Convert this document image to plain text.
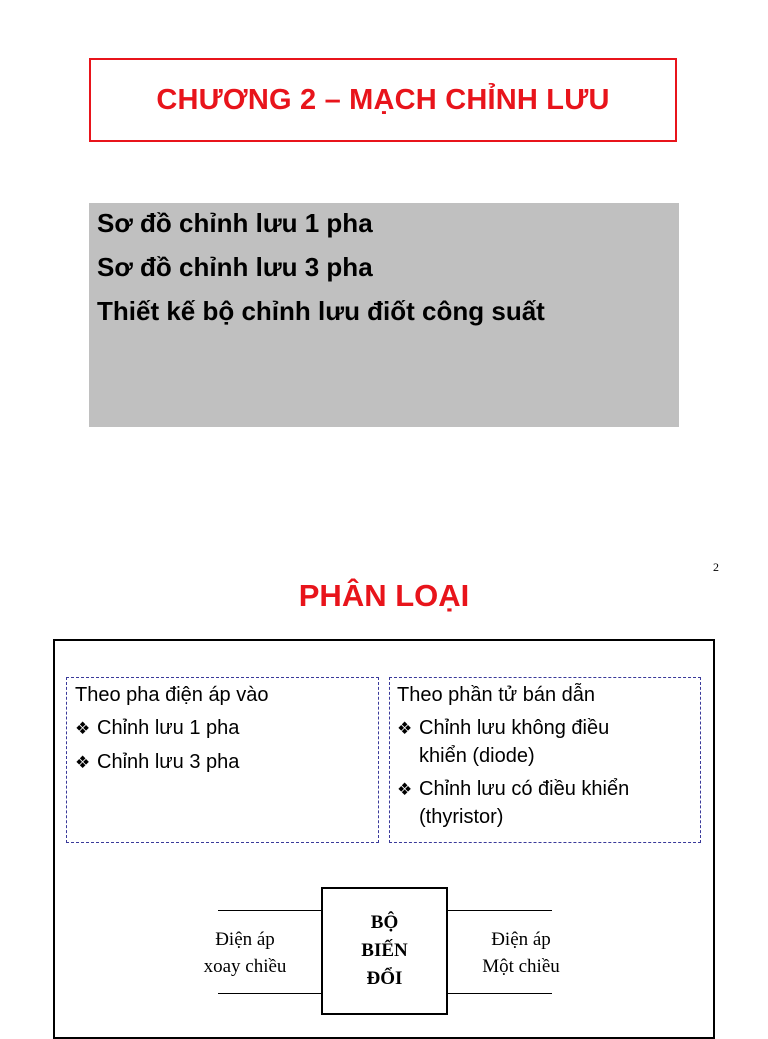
CHƯƠNG 2 – MẠCH CHỈNH LƯU
Sơ đồ chỉnh lưu 1 pha
Sơ đồ chỉnh lưu 3 pha
Thiết kế bộ chỉnh lưu điốt công suất
2
PHÂN LOẠI
Theo pha điện áp vào
❖ Chỉnh lưu 1 pha
❖ Chỉnh lưu 3 pha
Theo phần tử bán dẫn
❖ Chỉnh lưu không điều
khiển (diode)
❖ Chỉnh lưu có điều khiển
(thyristor)
Điện áp
xoay chiều
BỘ
BIẾN
ĐỔI
Điện áp
Một chiều
